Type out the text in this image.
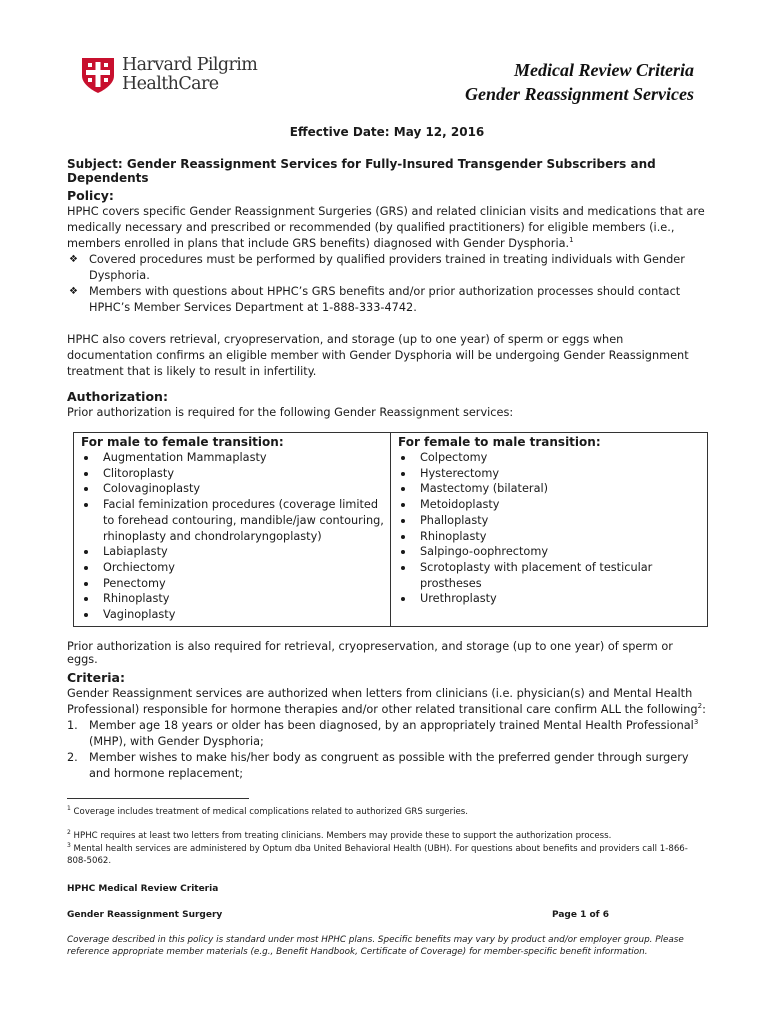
Harvard Pilgrim
HealthCare
Medical Review Criteria
Gender Reassignment Services
Effective Date: May 12, 2016
Subject: Gender Reassignment Services for Fully-Insured Transgender Subscribers and Dependents
Policy:

HPHC covers specific Gender Reassignment Surgeries (GRS) and related clinician visits and medications that are medically necessary and prescribed or recommended (by qualified practitioners) for eligible members (i.e., members enrolled in plans that include GRS benefits) diagnosed with Gender Dysphoria.$^1$

❖ Covered procedures must be performed by qualified providers trained in treating individuals with Gender Dysphoria.
❖ Members with questions about HPHC’s GRS benefits and/or prior authorization processes should contact HPHC’s Member Services Department at 1-888-333-4742.

HPHC also covers retrieval, cryopreservation, and storage (up to one year) of sperm or eggs when documentation confirms an eligible member with Gender Dysphoria will be undergoing Gender Reassignment treatment that is likely to result in infertility.

Authorization:

Prior authorization is required for the following Gender Reassignment services:

For male to female transition:
Augmentation Mammaplasty
Clitoroplasty
Colovaginoplasty
Facial feminization procedures (coverage limited to forehead contouring, mandible/jaw contouring, rhinoplasty and chondrolaryngoplasty)
Labiaplasty
Orchiectomy
Penectomy
Rhinoplasty
Vaginoplasty

For female to male transition:
Colpectomy
Hysterectomy
Mastectomy (bilateral)
Metoidoplasty
Phalloplasty
Rhinoplasty
Salpingo-oophrectomy
Scrotoplasty with placement of testicular prostheses
Urethroplasty
Prior authorization is also required for retrieval, cryopreservation, and storage (up to one year) of sperm or eggs.
Criteria:

Gender Reassignment services are authorized when letters from clinicians (i.e. physician(s) and Mental Health Professional) responsible for hormone therapies and/or other related transitional care confirm ALL the following$^2$:

1. Member age 18 years or older has been diagnosed, by an appropriately trained Mental Health Professional$^3$ (MHP), with Gender Dysphoria;
2. Member wishes to make his/her body as congruent as possible with the preferred gender through surgery and hormone replacement;
$^1$ Coverage includes treatment of medical complications related to authorized GRS surgeries.
$^2$ HPHC requires at least two letters from treating clinicians. Members may provide these to support the authorization process.
$^3$ Mental health services are administered by Optum dba United Behavioral Health (UBH). For questions about benefits and providers call 1-866-808-5062.
HPHC Medical Review Criteria
Gender Reassignment Surgery	Page 1 of 6
Coverage described in this policy is standard under most HPHC plans. Specific benefits may vary by product and/or employer group. Please reference appropriate member materials (e.g., Benefit Handbook, Certificate of Coverage) for member-specific benefit information.
